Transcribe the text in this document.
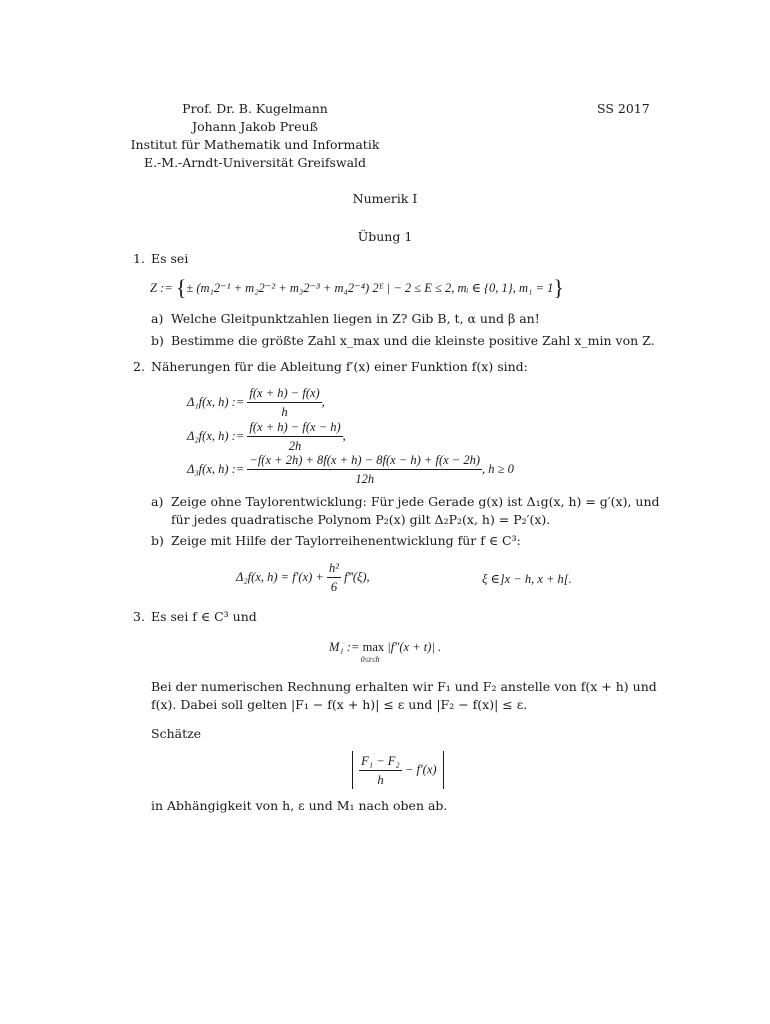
Prof. Dr. B. Kugelmann
Johann Jakob Preuß
Institut für Mathematik und Informatik
E.-M.-Arndt-Universität Greifswald
SS 2017
Numerik I
Übung 1
1. Es sei
Z := {± (m₁2⁻¹ + m₂2⁻² + m₃2⁻³ + m₄2⁻⁴) 2ᴱ | − 2 ≤ E ≤ 2, mᵢ ∈ {0, 1}, m₁ = 1}
a) Welche Gleitpunktzahlen liegen in Z? Gib B, t, α und β an!
b) Bestimme die größte Zahl x_max und die kleinste positive Zahl x_min von Z.
2. Näherungen für die Ableitung f′(x) einer Funktion f(x) sind:
Δ₁f(x, h) := $\frac{f(x + h) - f(x)}{h}$ ,
Δ₂f(x, h) := $\frac{f(x + h) - f(x - h)}{2h}$ ,
Δ₃f(x, h) := $\frac{-f(x + 2h) + 8f(x + h) - 8f(x - h) + f(x - 2h)}{12h}$ , h ≥ 0
a) Zeige ohne Taylorentwicklung: Für jede Gerade g(x) ist Δ₁g(x, h) = g′(x), und
für jedes quadratische Polynom P₂(x) gilt Δ₂P₂(x, h) = P₂′(x).
b) Zeige mit Hilfe der Taylorreihenentwicklung für f ∈ C³:
Δ₂f(x, $h) = f'(x) + \frac{\text{h²}}{6}$ f‴(ξ),	ξ ∈]x − h, x + h[.
3. Es sei f ∈ C³ und
M₁ := max
0≤t≤h
|f″(x + t)| .
Bei der numerischen Rechnung erhalten wir F₁ und F₂ anstelle von f(x + h) und
f(x). Dabei soll gelten |F₁ − f(x + h)| ≤ ε und |F₂ − f(x)| ≤ ε.
Schätze

$\frac{\text{F₁ − F₂}}{h} - f'(x)$
in Abhängigkeit von h, ε und M₁ nach oben ab.
